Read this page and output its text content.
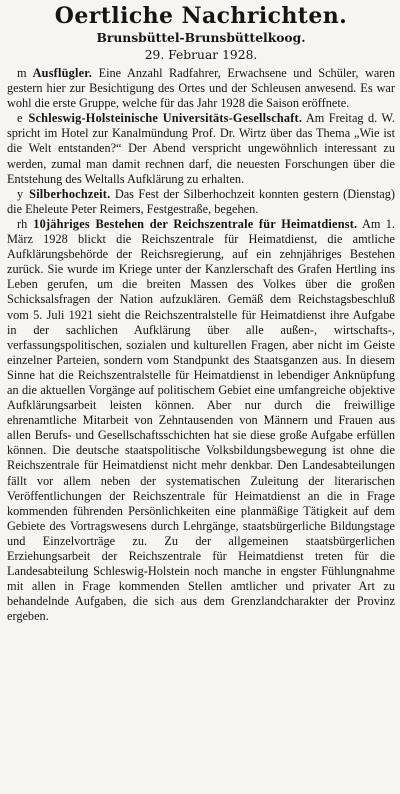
Oertliche Nachrichten.
Brunsbüttel-Brunsbüttelkoog.
29. Februar 1928.

m Ausflügler. Eine Anzahl Radfahrer, Erwachsene und Schüler, waren gestern hier zur Besichtigung des Ortes und der Schleusen anwesend. Es war wohl die erste Gruppe, welche für das Jahr 1928 die Saison eröffnete.

e Schleswig-Holsteinische Universitäts-Gesellschaft. Am Freitag d. W. spricht im Hotel zur Kanalmündung Prof. Dr. Wirtz über das Thema „Wie ist die Welt entstanden?“ Der Abend verspricht ungewöhnlich interessant zu werden, zumal man damit rechnen darf, die neuesten Forschungen über die Entstehung des Weltalls Aufklärung zu erhalten.

y Silberhochzeit. Das Fest der Silberhochzeit konnten gestern (Dienstag) die Eheleute Peter Reimers, Festgestraße, begehen.

rh 10jähriges Bestehen der Reichszentrale für Heimatdienst. Am 1. März 1928 blickt die Reichszentrale für Heimatdienst, die amtliche Aufklärungsbehörde der Reichsregierung, auf ein zehnjähriges Bestehen zurück. Sie wurde im Kriege unter der Kanzlerschaft des Grafen Hertling ins Leben gerufen, um die breiten Massen des Volkes über die großen Schicksalsfragen der Nation aufzuklären. Gemäß dem Reichstagsbeschluß vom 5. Juli 1921 sieht die Reichszentralstelle für Heimatdienst ihre Aufgabe in der sachlichen Aufklärung über alle außen-, wirtschafts-, verfassungspolitischen, sozialen und kulturellen Fragen, aber nicht im Geiste einzelner Parteien, sondern vom Standpunkt des Staatsganzen aus. In diesem Sinne hat die Reichszentralstelle für Heimatdienst in lebendiger Anknüpfung an die aktuellen Vorgänge auf politischem Gebiet eine umfangreiche objektive Aufklärungsarbeit leisten können. Aber nur durch die freiwillige ehrenamtliche Mitarbeit von Zehntausenden von Männern und Frauen aus allen Berufs- und Gesellschaftsschichten hat sie diese große Aufgabe erfüllen können. Die deutsche staatspolitische Volksbildungsbewegung ist ohne die Reichszentrale für Heimatdienst nicht mehr denkbar. Den Landesabteilungen fällt vor allem neben der systematischen Zuleitung der literarischen Veröffentlichungen der Reichszentrale für Heimatdienst an die in Frage kommenden führenden Persönlichkeiten eine planmäßige Tätigkeit auf dem Gebiete des Vortragswesens durch Lehrgänge, staatsbürgerliche Bildungstage und Einzelvorträge zu. Zu der allgemeinen staatsbürgerlichen Erziehungsarbeit der Reichszentrale für Heimatdienst treten für die Landesabteilung Schleswig-Holstein noch manche in engster Fühlungnahme mit allen in Frage kommenden Stellen amtlicher und privater Art zu behandelnde Aufgaben, die sich aus dem Grenzlandcharakter der Provinz ergeben.
